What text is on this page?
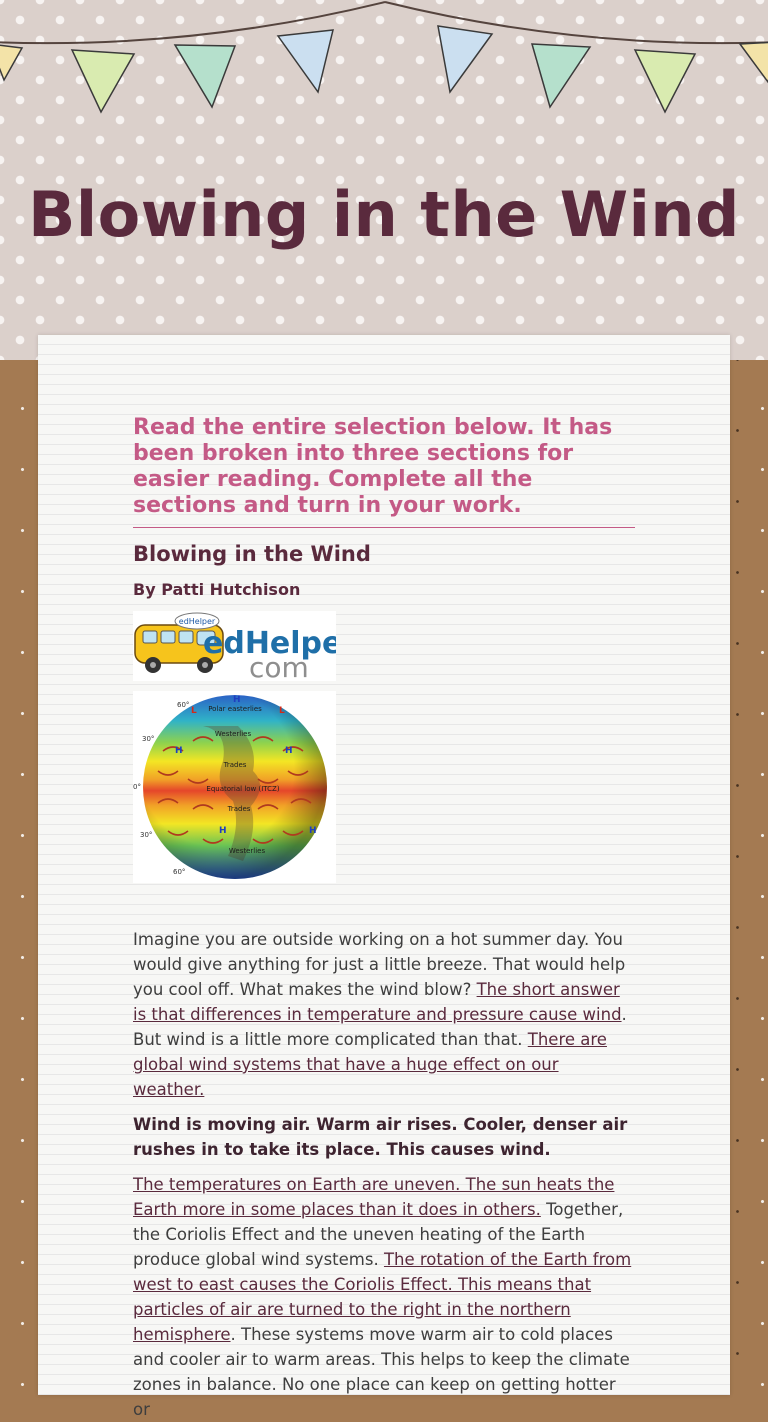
Blowing in the Wind

Read the entire selection below. It has been broken into three sections for easier reading. Complete all the sections and turn in your work.

Blowing in the Wind

By Patti Hutchison

edHelper
edHelpe
com
Polar easterlies
Westerlies
Trades
Equatorial low (ITCZ)
Trades
Westerlies
60°
30°
0°
30°
60°
H
L	L
H	H
H	H

Imagine you are outside working on a hot summer day. You would give anything for just a little breeze. That would help you cool off. What makes the wind blow? The short answer is that differences in temperature and pressure cause wind. But wind is a little more complicated than that. There are global wind systems that have a huge effect on our weather.

Wind is moving air. Warm air rises. Cooler, denser air rushes in to take its place. This causes wind.

The temperatures on Earth are uneven. The sun heats the Earth more in some places than it does in others. Together, the Coriolis Effect and the uneven heating of the Earth produce global wind systems. The rotation of the Earth from west to east causes the Coriolis Effect. This means that particles of air are turned to the right in the northern hemisphere. These systems move warm air to cold places and cooler air to warm areas. This helps to keep the climate zones in balance. No one place can keep on getting hotter or
